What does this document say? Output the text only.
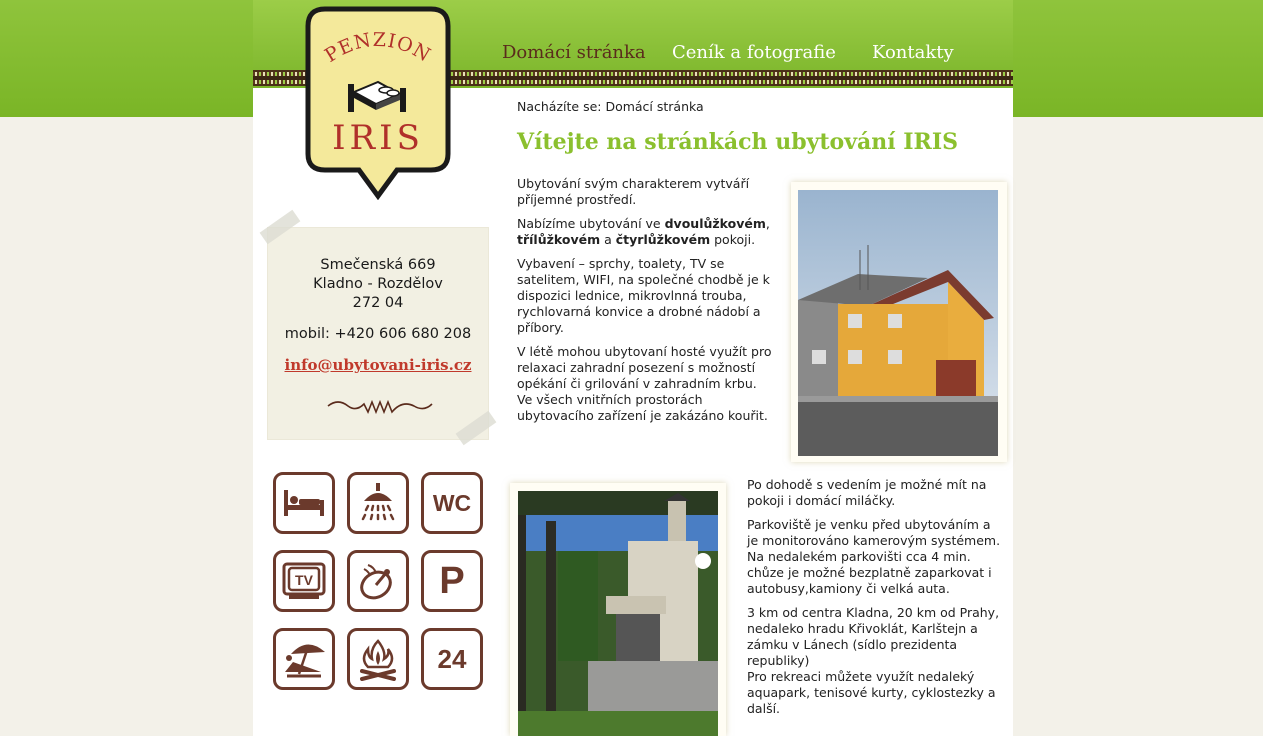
Domácí stránka Ceník a fotografie Kontakty
PENZION
IRIS
Smečenská 669
Kladno - Rozdělov
272 04
mobil: +420 606 680 208
info@ubytovani-iris.cz
WC
TV	P
24
Nacházíte se: Domácí stránka
Vítejte na stránkách ubytování IRIS

Ubytování svým charakterem vytváří příjemné prostředí.

Nabízíme ubytování ve dvoulůžkovém, třílůžkovém a čtyrlůžkovém pokoji.

Vybavení – sprchy, toalety, TV se satelitem, WIFI, na společné chodbě je k dispozici lednice, mikrovlnná trouba, rychlovarná konvice a drobné nádobí a příbory.

V létě mohou ubytovaní hosté využít pro relaxaci zahradní posezení s možností opékání či grilování v zahradním krbu. Ve všech vnitřních prostorách ubytovacího zařízení je zakázáno kouřit.

Po dohodě s vedením je možné mít na pokoji i domácí miláčky.

Parkoviště je venku před ubytováním a je monitorováno kamerovým systémem. Na nedalekém parkovišti cca 4 min. chůze je možné bezplatně zaparkovat i autobusy,kamiony či velká auta.

3 km od centra Kladna, 20 km od Prahy, nedaleko hradu Křivoklát, Karlštejn a zámku v Lánech (sídlo prezidenta republiky)

Pro rekreaci můžete využít nedaleký aquapark, tenisové kurty, cyklostezky a další.
